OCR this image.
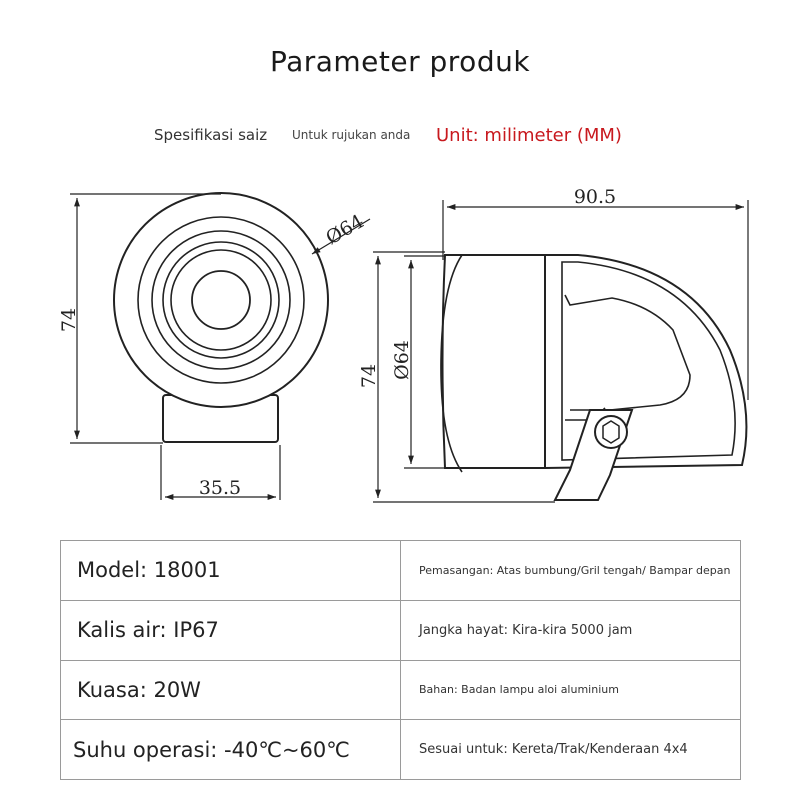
Parameter produk
Spesifikasi saiz Untuk rujukan anda Unit: milimeter (MM)
74
35.5
Ø64
90.5
74 Ø64
Model: 18001	Pemasangan: Atas bumbung/Gril tengah/ Bampar depan

Kalis air: IP67	Jangka hayat: Kira-kira 5000 jam

Kuasa: 20W	Bahan: Badan lampu aloi aluminium

Suhu operasi: -40℃~60℃	Sesuai untuk: Kereta/Trak/Kenderaan 4x4
